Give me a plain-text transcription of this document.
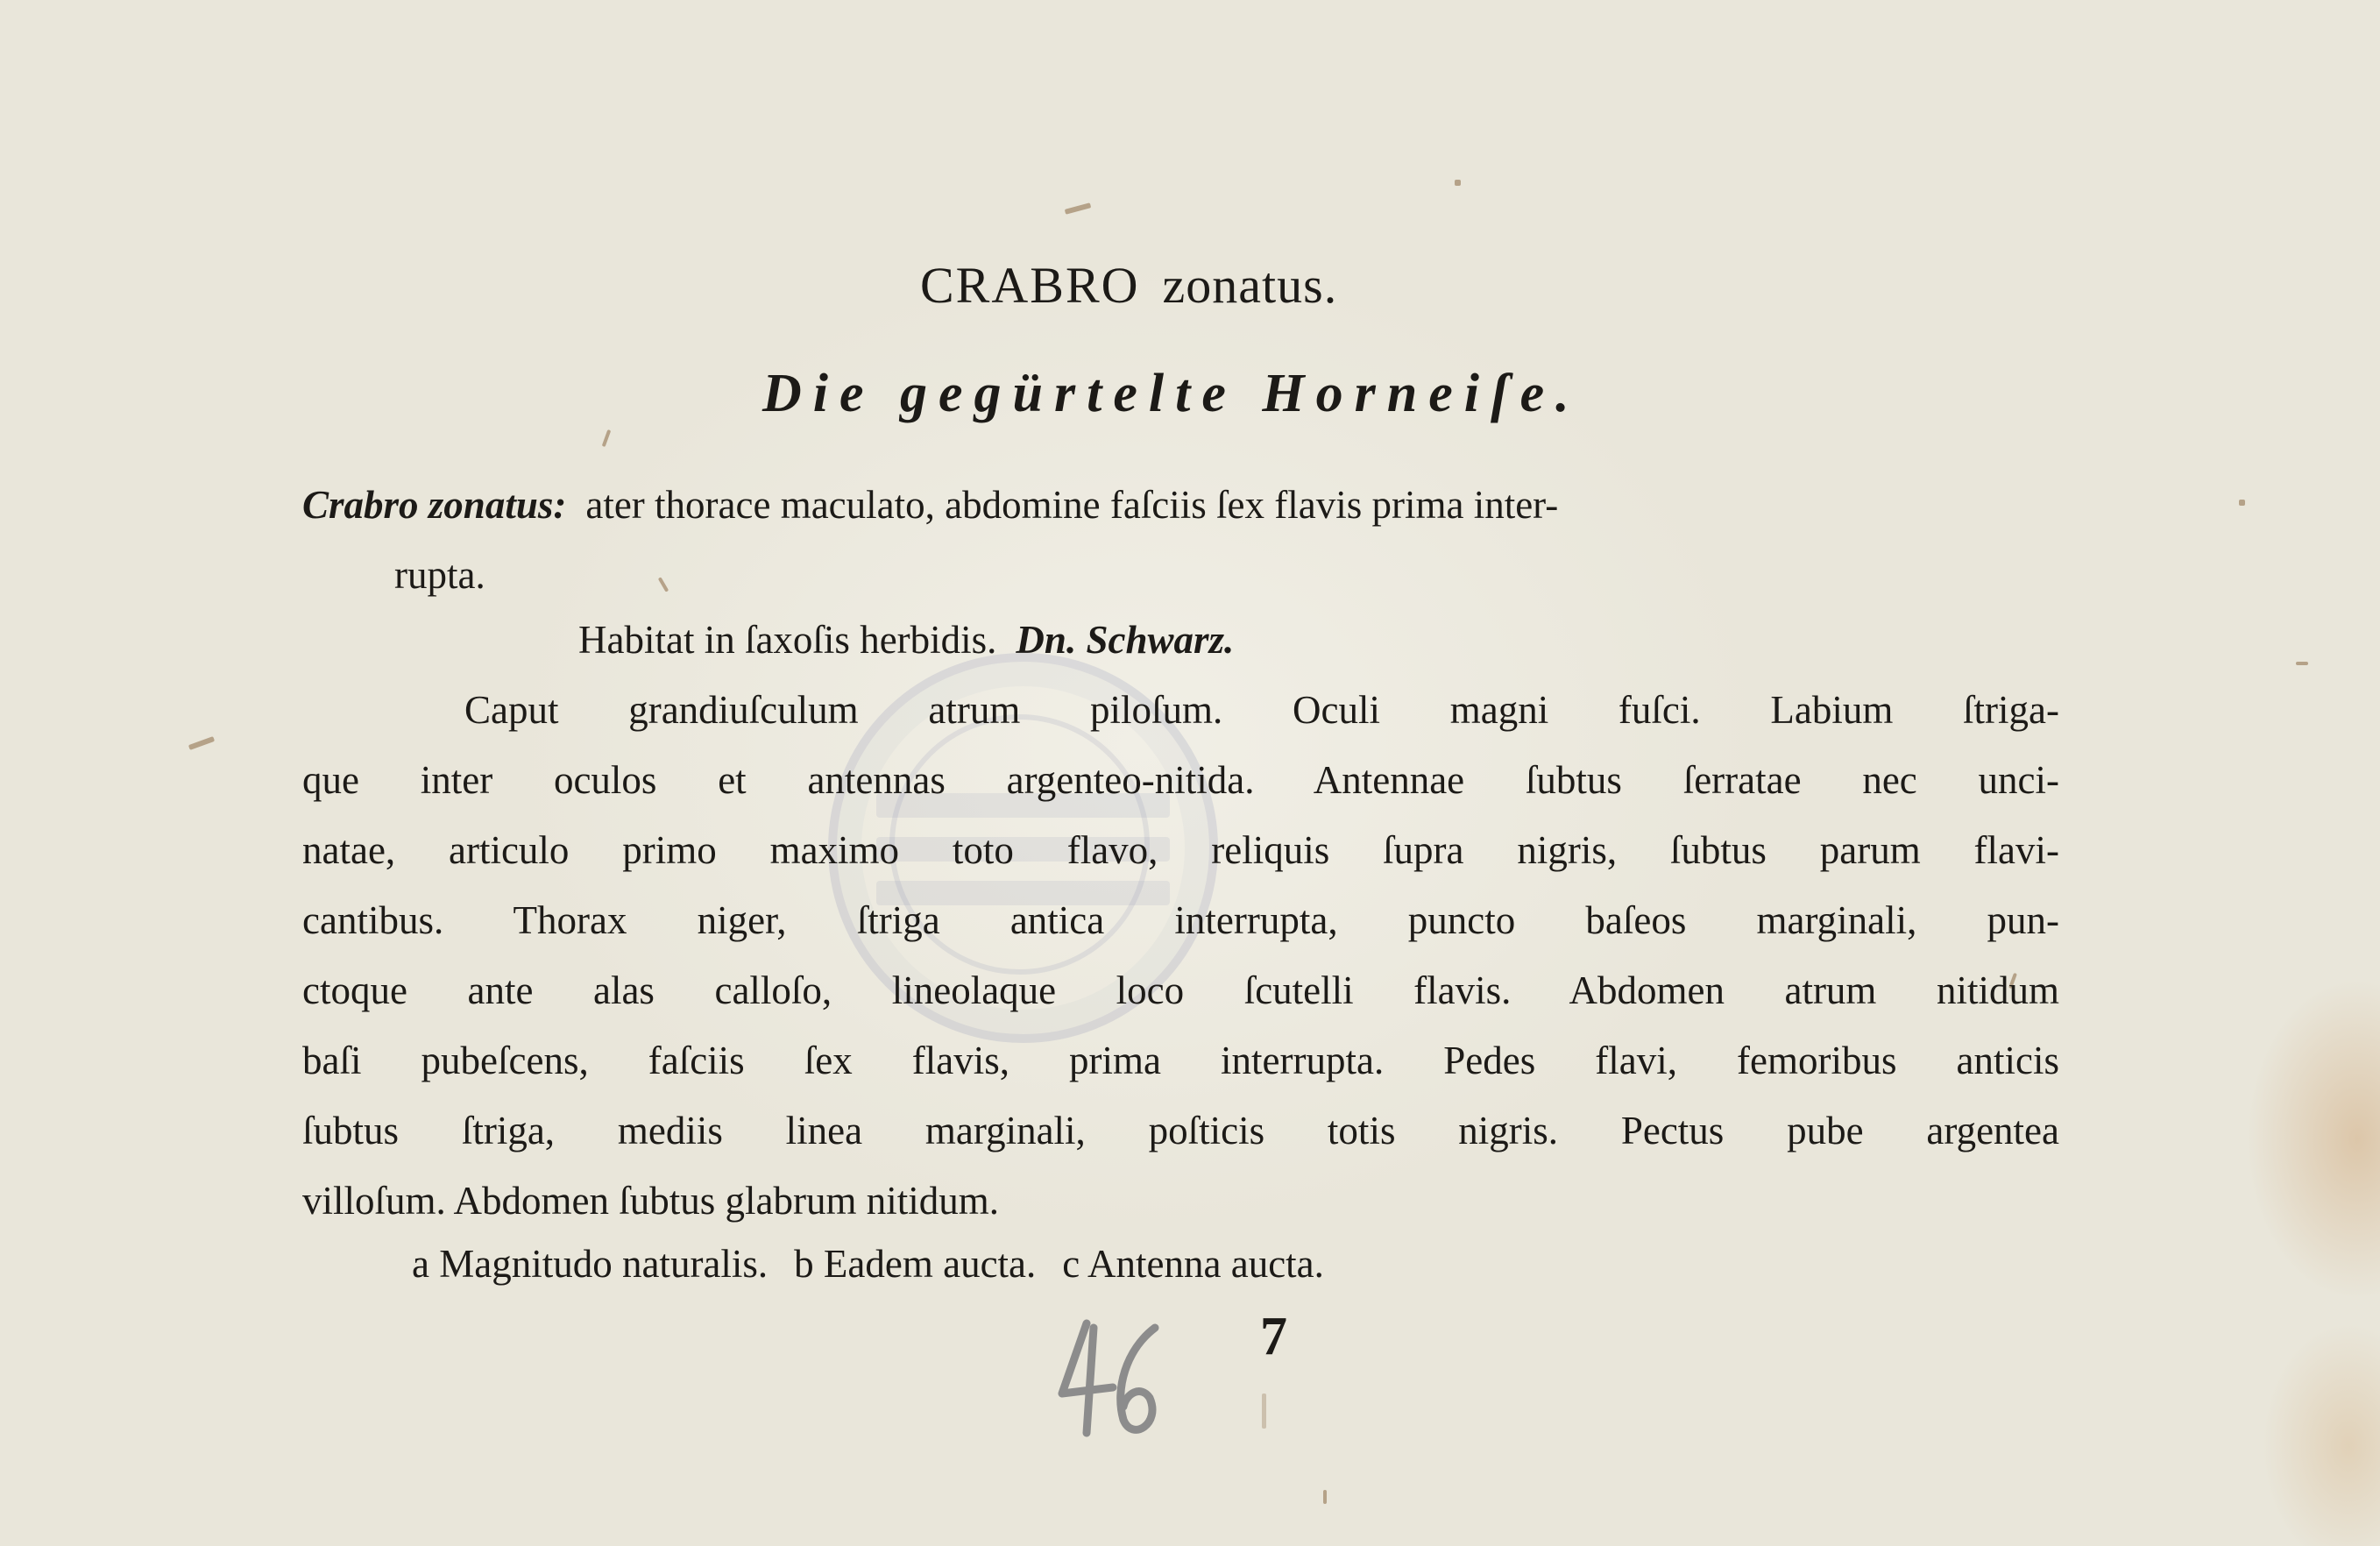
CRABRO zonatus.
Die gegürtelte Horneiſe.
Crabro zonatus: ater thorace maculato, abdomine faſciis ſex flavis prima inter-
rupta.
Habitat in ſaxoſis herbidis. Dn. Schwarz.
Caput grandiuſculum atrum piloſum. Oculi magni fuſci. Labium ſtriga-
que inter oculos et antennas argenteo-nitida. Antennae ſubtus ſerratae nec unci-
natae, articulo primo maximo toto flavo, reliquis ſupra nigris, ſubtus parum flavi-
cantibus. Thorax niger, ſtriga antica interrupta, puncto baſeos marginali, pun-
ctoque ante alas calloſo, lineolaque loco ſcutelli flavis. Abdomen atrum nitidum
baſi pubeſcens, faſciis ſex flavis, prima interrupta. Pedes flavi, femoribus anticis
ſubtus ſtriga, mediis linea marginali, poſticis totis nigris. Pectus pube argentea
villoſum. Abdomen ſubtus glabrum nitidum.
a Magnitudo naturalis. b Eadem aucta. c Antenna aucta.
7
